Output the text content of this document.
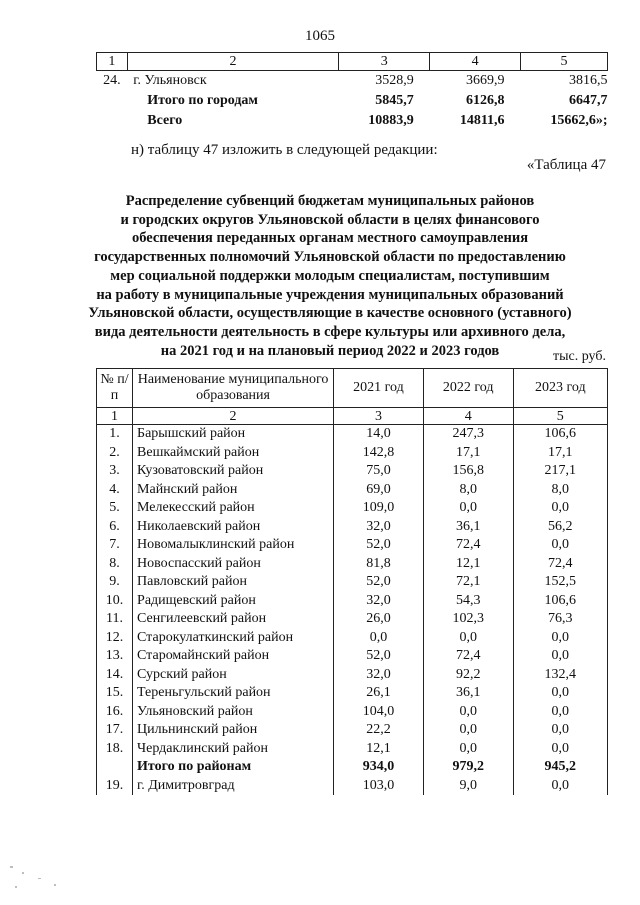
1065
1	2	3	4	5
24.	г. Ульяновск	3528,9	3669,9	3816,5
	Итого по городам	5845,7	6126,8	6647,7
	Всего	10883,9	14811,6	15662,6»;
н) таблицу 47 изложить в следующей редакции:
«Таблица 47
Распределение субвенций бюджетам муниципальных районов
и городских округов Ульяновской области в целях финансового
обеспечения переданных органам местного самоуправления
государственных полномочий Ульяновской области по предоставлению
мер социальной поддержки молодым специалистам, поступившим
на работу в муниципальные учреждения муниципальных образований
Ульяновской области, осуществляющие в качестве основного (уставного)
вида деятельности деятельность в сфере культуры или архивного дела,
на 2021 год и на плановый период 2022 и 2023 годов	тыс. руб.
№ п/п	Наименование муниципального образования	2021 год	2022 год	2023 год
1	2	3	4	5
1.	Барышский район	14,0	247,3	106,6
2.	Вешкаймский район	142,8	17,1	17,1
3.	Кузоватовский район	75,0	156,8	217,1
4.	Майнский район	69,0	8,0	8,0
5.	Мелекесский район	109,0	0,0	0,0
6.	Николаевский район	32,0	36,1	56,2
7.	Новомалыклинский район	52,0	72,4	0,0
8.	Новоспасский район	81,8	12,1	72,4
9.	Павловский район	52,0	72,1	152,5
10.	Радищевский район	32,0	54,3	106,6
11.	Сенгилеевский район	26,0	102,3	76,3
12.	Старокулаткинский район	0,0	0,0	0,0
13.	Старомайнский район	52,0	72,4	0,0
14.	Сурский район	32,0	92,2	132,4
15.	Тереньгульский район	26,1	36,1	0,0
16.	Ульяновский район	104,0	0,0	0,0
17.	Цильнинский район	22,2	0,0	0,0
18.	Чердаклинский район	12,1	0,0	0,0
	Итого по районам	934,0	979,2	945,2
19.	г. Димитровград	103,0	9,0	0,0
